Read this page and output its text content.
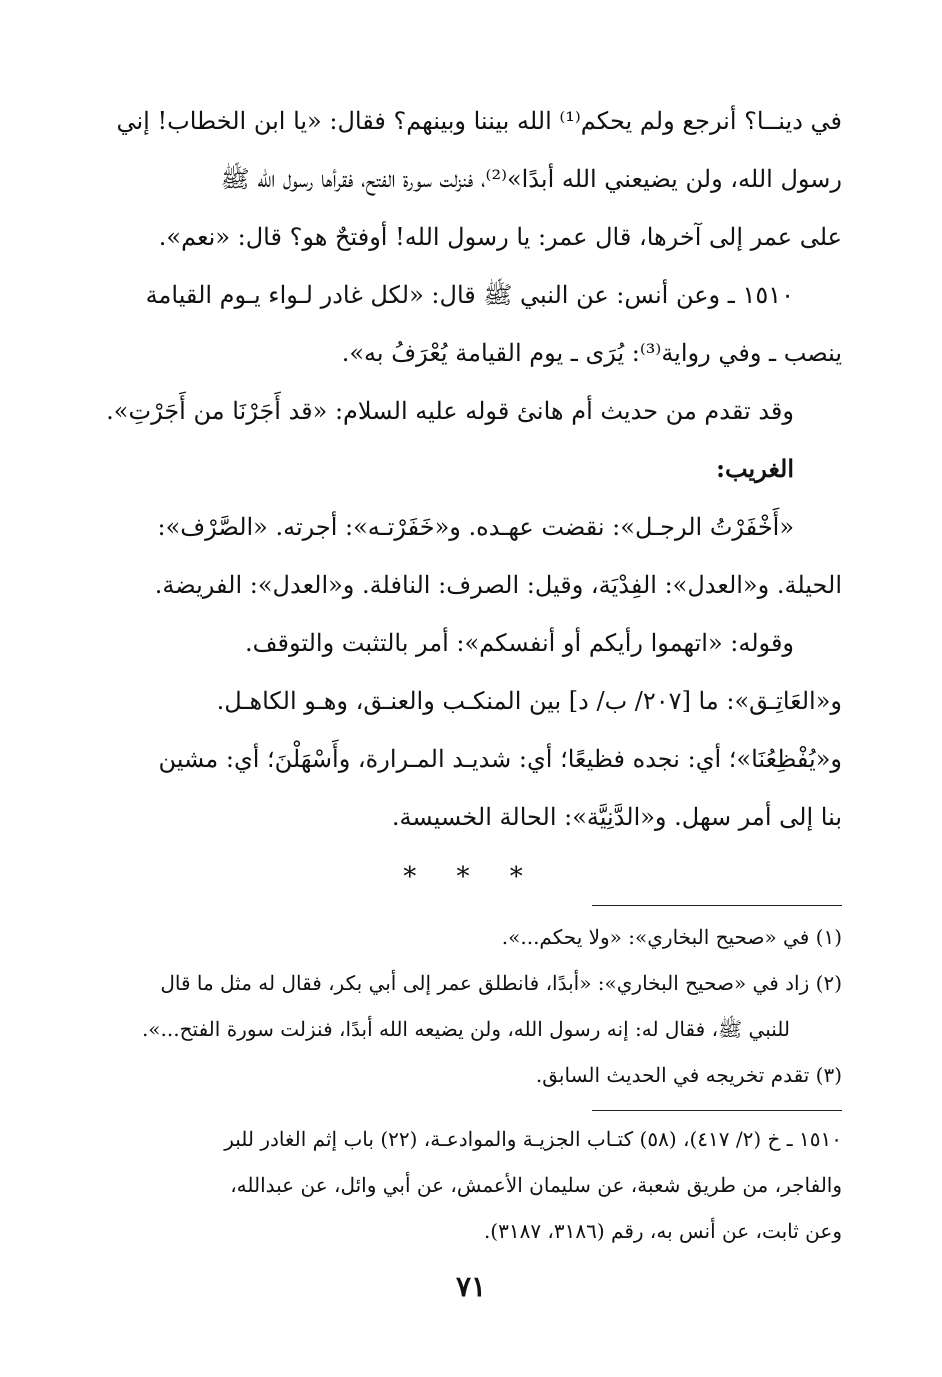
في دينــا؟ أنرجع ولم يحكم⁽¹⁾ الله بيننا وبينهم؟ فقال: «يا ابن الخطاب! إني

رسول الله، ولن يضيعني الله أبدًا»⁽²⁾، فنزلت سورة الفتح، فقرأها رسول الله ﷺ

على عمر إلى آخرها، قال عمر: يا رسول الله! أوفتحٌ هو؟ قال: «نعم».

١٥١٠ ـ وعن أنس: عن النبي ﷺ قال: «لكل غادر لـواء يـوم القيامة

ينصب ـ وفي رواية⁽³⁾: يُرَى ـ يوم القيامة يُعْرَفُ به».

وقد تقدم من حديث أم هانئ قوله عليه السلام: «قد أَجَرْنَا من أَجَرْتِ».

الغريب:

«أَخْفَرْتُ الرجـل»: نقضت عهـده. و«خَفَرْتـه»: أجرته. «الصَّرْف»:

الحيلة. و«العدل»: الفِدْيَة، وقيل: الصرف: النافلة. و«العدل»: الفريضة.

وقوله: «اتهموا رأيكم أو أنفسكم»: أمر بالتثبت والتوقف.

و«العَاتِـق»: ما [٢٠٧/ ب/ د] بين المنكـب والعنـق، وهـو الكاهـل.

و«يُفْظِعُنَا»؛ أي: نجده فظيعًا؛ أي: شديـد المـرارة، وأَسْهَلْنَ؛ أي: مشين

بنا إلى أمر سهل. و«الدَّنِيَّة»: الحالة الخسيسة.

* * *

(١) في «صحيح البخاري»: «ولا يحكم...».

(٢) زاد في «صحيح البخاري»: «أبدًا، فانطلق عمر إلى أبي بكر، فقال له مثل ما قال

للنبي ﷺ، فقال له: إنه رسول الله، ولن يضيعه الله أبدًا، فنزلت سورة الفتح...».

(٣) تقدم تخريجه في الحديث السابق.

١٥١٠ ـ خ (٢/ ٤١٧)، (٥٨) كتـاب الجزيـة والموادعـة، (٢٢) باب إثم الغادر للبر

والفاجر، من طريق شعبة، عن سليمان الأعمش، عن أبي وائل، عن عبدالله،

وعن ثابت، عن أنس به، رقم (٣١٨٦، ٣١٨٧).

٧١
